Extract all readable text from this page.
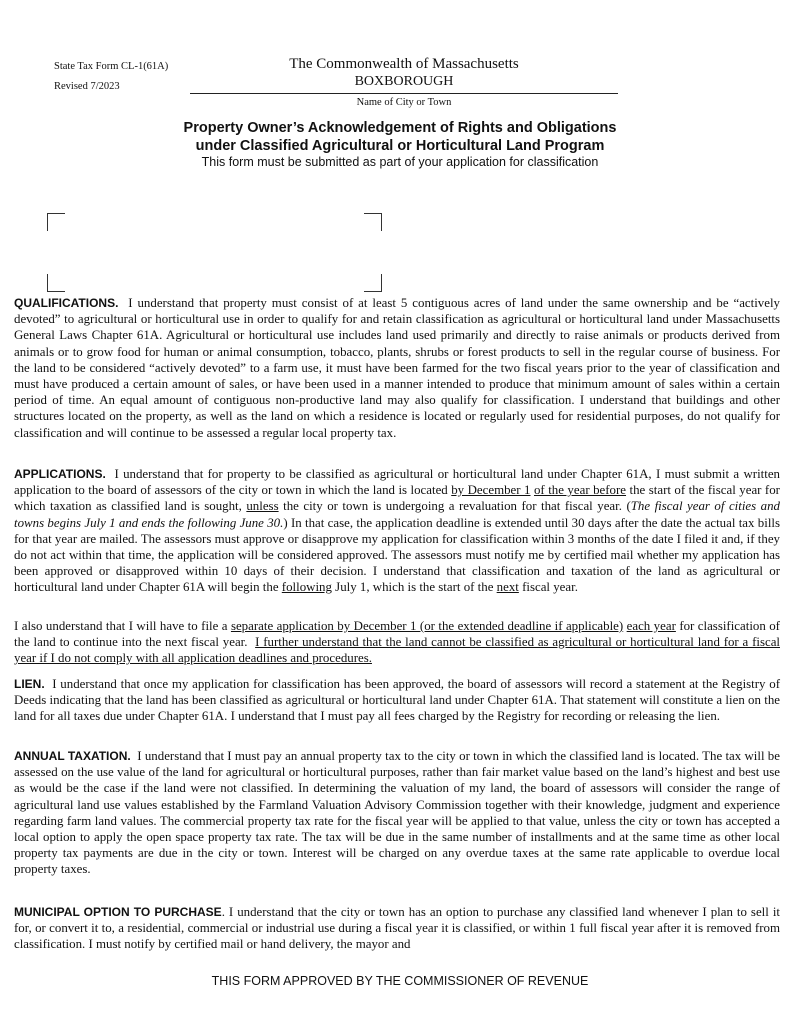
State Tax Form CL-1(61A)
Revised 7/2023
The Commonwealth of Massachusetts
BOXBOROUGH
Name of City or Town
Property Owner’s Acknowledgement of Rights and Obligations
under Classified Agricultural or Horticultural Land Program
This form must be submitted as part of your application for classification

QUALIFICATIONS. I understand that property must consist of at least 5 contiguous acres of land under the same ownership and be “actively devoted” to agricultural or horticultural use in order to qualify for and retain classification as agricultural or horticultural land under Massachusetts General Laws Chapter 61A. Agricultural or horticultural use includes land used primarily and directly to raise animals or products derived from animals or to grow food for human or animal consumption, tobacco, plants, shrubs or forest products to sell in the regular course of business. For the land to be considered “actively devoted” to a farm use, it must have been farmed for the two fiscal years prior to the year of classification and must have produced a certain amount of sales, or have been used in a manner intended to produce that minimum amount of sales within a certain period of time. An equal amount of contiguous non-productive land may also qualify for classification. I understand that buildings and other structures located on the property, as well as the land on which a residence is located or regularly used for residential purposes, do not qualify for classification and will continue to be assessed a regular local property tax.

APPLICATIONS. I understand that for property to be classified as agricultural or horticultural land under Chapter 61A, I must submit a written application to the board of assessors of the city or town in which the land is located by December 1 of the year before the start of the fiscal year for which taxation as classified land is sought, unless the city or town is undergoing a revaluation for that fiscal year. (The fiscal year of cities and towns begins July 1 and ends the following June 30.) In that case, the application deadline is extended until 30 days after the date the actual tax bills for that year are mailed. The assessors must approve or disapprove my application for classification within 3 months of the date I filed it and, if they do not act within that time, the application will be considered approved. The assessors must notify me by certified mail whether my application has been approved or disapproved within 10 days of their decision. I understand that classification and taxation of the land as agricultural or horticultural land under Chapter 61A will begin the following July 1, which is the start of the next fiscal year.

I also understand that I will have to file a separate application by December 1 (or the extended deadline if applicable) each year for classification of the land to continue into the next fiscal year. I further understand that the land cannot be classified as agricultural or horticultural land for a fiscal year if I do not comply with all application deadlines and procedures.

LIEN. I understand that once my application for classification has been approved, the board of assessors will record a statement at the Registry of Deeds indicating that the land has been classified as agricultural or horticultural land under Chapter 61A. That statement will constitute a lien on the land for all taxes due under Chapter 61A. I understand that I must pay all fees charged by the Registry for recording or releasing the lien.

ANNUAL TAXATION. I understand that I must pay an annual property tax to the city or town in which the classified land is located. The tax will be assessed on the use value of the land for agricultural or horticultural purposes, rather than fair market value based on the land’s highest and best use as would be the case if the land were not classified. In determining the valuation of my land, the board of assessors will consider the range of agricultural land use values established by the Farmland Valuation Advisory Commission together with their knowledge, judgment and experience regarding farm land values. The commercial property tax rate for the fiscal year will be applied to that value, unless the city or town has accepted a local option to apply the open space property tax rate. The tax will be due in the same number of installments and at the same time as other local property tax payments are due in the city or town. Interest will be charged on any overdue taxes at the same rate applicable to overdue local property taxes.

MUNICIPAL OPTION TO PURCHASE. I understand that the city or town has an option to purchase any classified land whenever I plan to sell it for, or convert it to, a residential, commercial or industrial use during a fiscal year it is classified, or within 1 full fiscal year after it is removed from classification. I must notify by certified mail or hand delivery, the mayor and

THIS FORM APPROVED BY THE COMMISSIONER OF REVENUE
